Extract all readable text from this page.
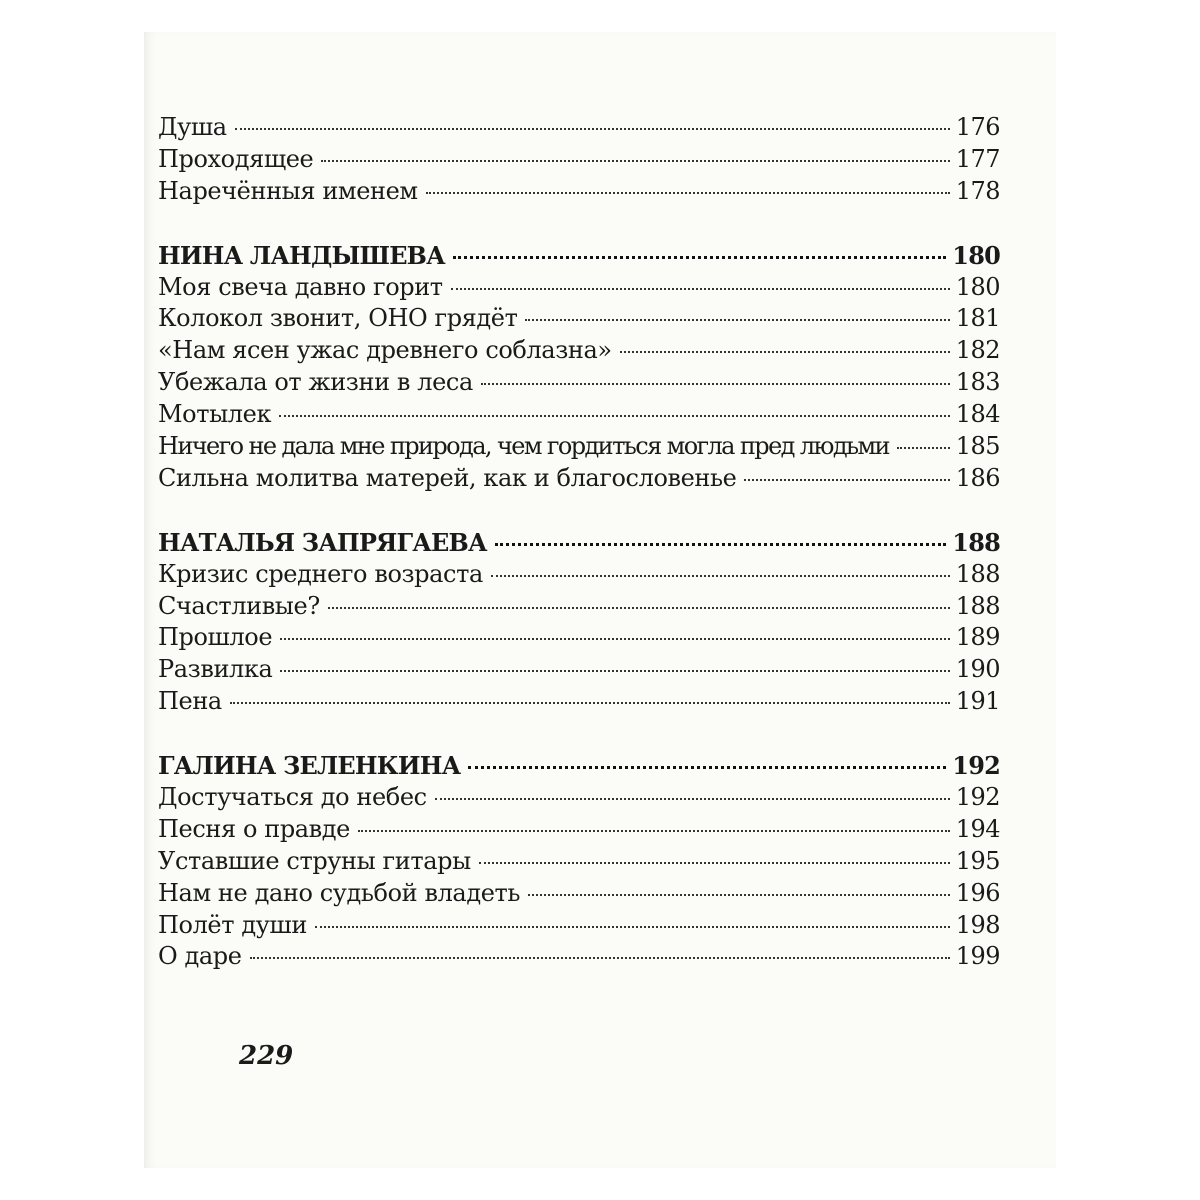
Душа	176
Проходящее	177
Наречённыя именем	178
НИНА ЛАНДЫШЕВА	180
Моя свеча давно горит	180
Колокол звонит, ОНО грядёт	181
«Нам ясен ужас древнего соблазна»	182
Убежала от жизни в леса	183
Мотылек	184
Ничего не дала мне природа, чем гордиться могла пред людьми	185
Сильна молитва матерей, как и благословенье	186
НАТАЛЬЯ ЗАПРЯГАЕВА	188
Кризис среднего возраста	188
Счастливые?	188
Прошлое	189
Развилка	190
Пена	191
ГАЛИНА ЗЕЛЕНКИНА	192
Достучаться до небес	192
Песня о правде	194
Уставшие струны гитары	195
Нам не дано судьбой владеть	196
Полёт души	198
О даре	199
229
